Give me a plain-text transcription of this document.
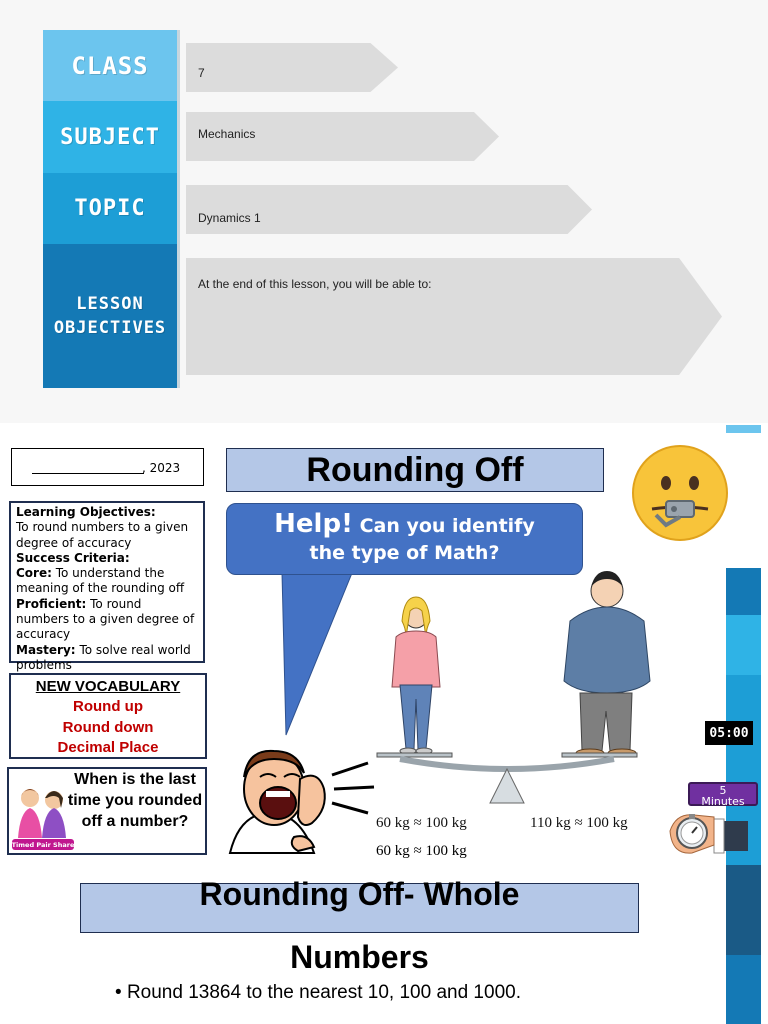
CLASS
SUBJECT
TOPIC
LESSON
OBJECTIVES
7
Mechanics
Dynamics 1
At the end of this lesson, you will be able to:
, 2023	Rounding Off
Learning Objectives:
To round numbers to a given degree of accuracy
Success Criteria:
Core: To understand the meaning of the rounding off
Proficient: To round numbers to a given degree of accuracy
Mastery: To solve real world problems
NEW VOCABULARY
Round up
Round down
Decimal Place
Timed Pair Share
When is the last time you rounded off a number?
Help! Can you identify
the type of Math?
60 kg ≈ 100 kg
60 kg ≈ 100 kg	110 kg ≈ 100 kg
05:00
5
Minutes
Rounding Off- Whole
Numbers
• Round 13864 to the nearest 10, 100 and 1000.
